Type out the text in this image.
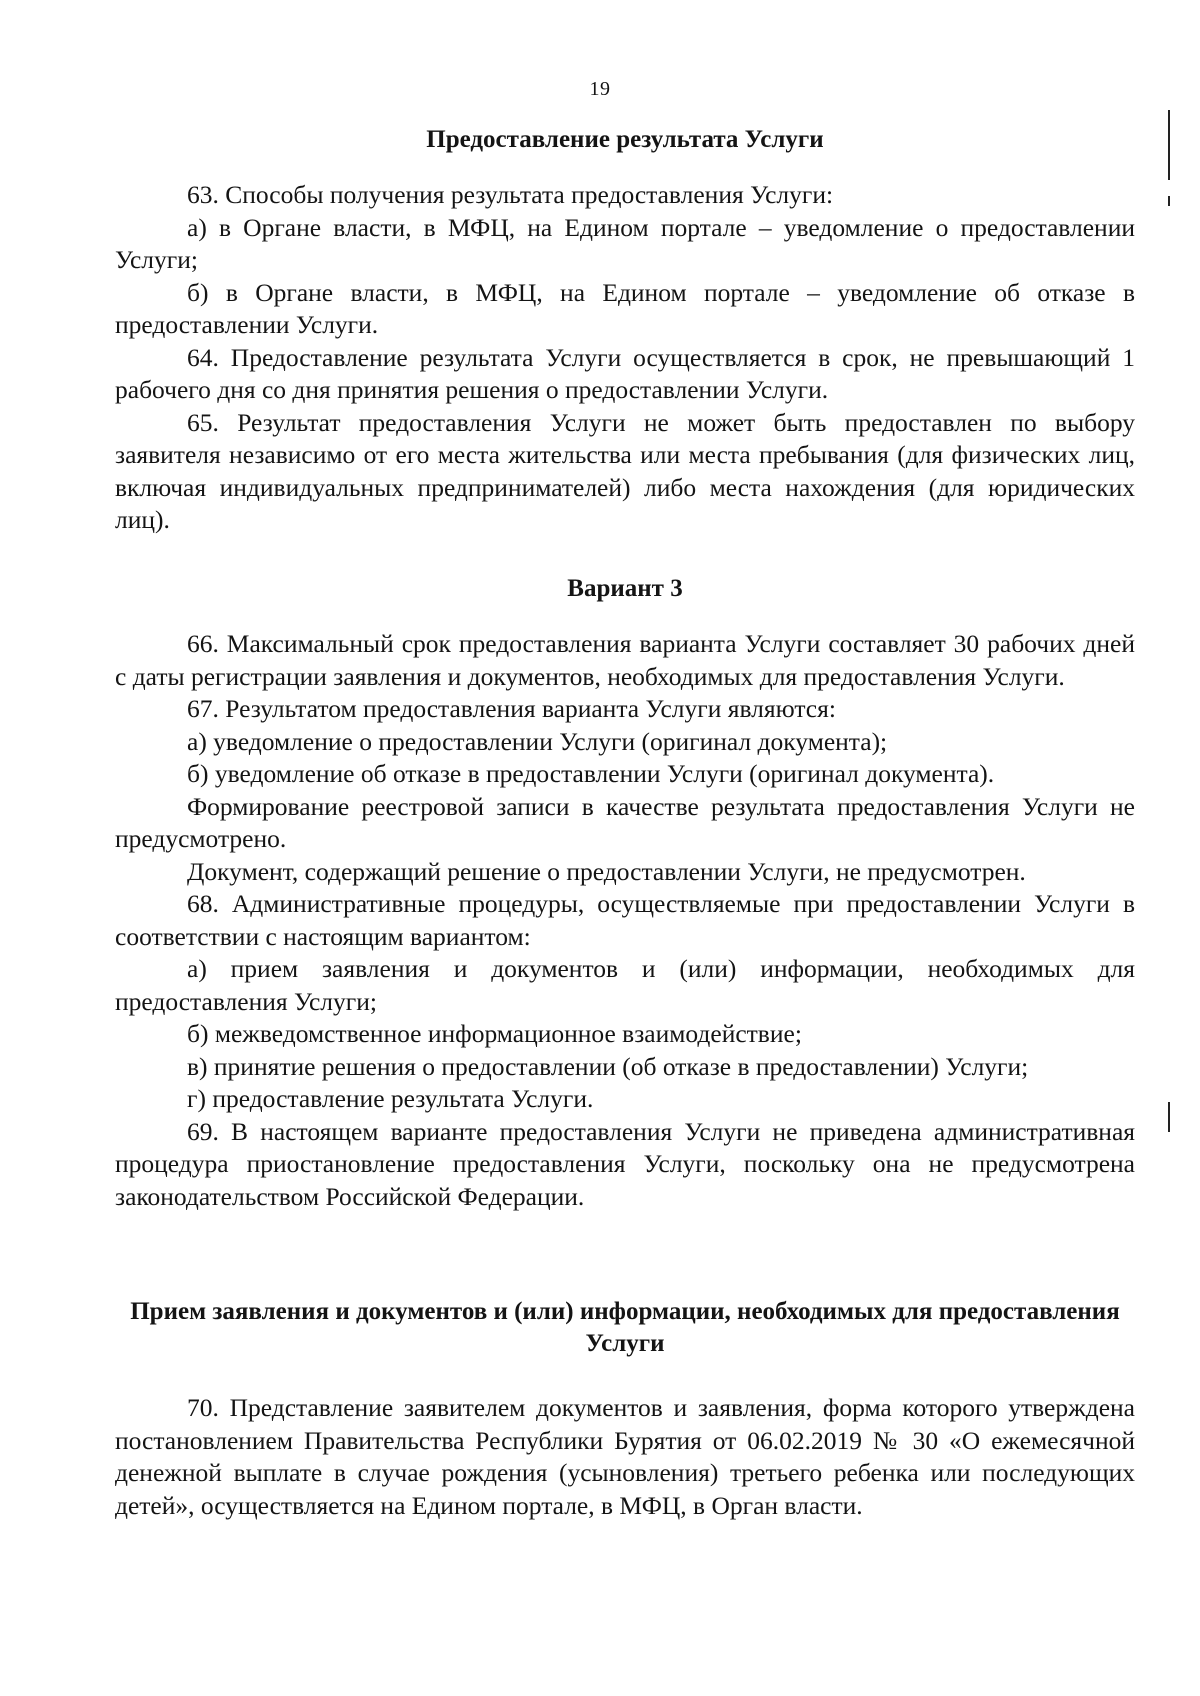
19
Предоставление результата Услуги

63. Способы получения результата предоставления Услуги:

а) в Органе власти, в МФЦ, на Едином портале – уведомление о предоставлении Услуги;

б) в Органе власти, в МФЦ, на Едином портале – уведомление об отказе в предоставлении Услуги.

64. Предоставление результата Услуги осуществляется в срок, не превышающий 1 рабочего дня со дня принятия решения о предоставлении Услуги.

65. Результат предоставления Услуги не может быть предоставлен по выбору заявителя независимо от его места жительства или места пребывания (для физических лиц, включая индивидуальных предпринимателей) либо места нахождения (для юридических лиц).

Вариант 3

66. Максимальный срок предоставления варианта Услуги составляет 30 рабочих дней с даты регистрации заявления и документов, необходимых для предоставления Услуги.

67. Результатом предоставления варианта Услуги являются:

а) уведомление о предоставлении Услуги (оригинал документа);

б) уведомление об отказе в предоставлении Услуги (оригинал документа).

Формирование реестровой записи в качестве результата предоставления Услуги не предусмотрено.

Документ, содержащий решение о предоставлении Услуги, не предусмотрен.

68. Административные процедуры, осуществляемые при предоставлении Услуги в соответствии с настоящим вариантом:

а) прием заявления и документов и (или) информации, необходимых для предоставления Услуги;

б) межведомственное информационное взаимодействие;

в) принятие решения о предоставлении (об отказе в предоставлении) Услуги;

г) предоставление результата Услуги.

69. В настоящем варианте предоставления Услуги не приведена административная процедура приостановление предоставления Услуги, поскольку она не предусмотрена законодательством Российской Федерации.

Прием заявления и документов и (или) информации, необходимых для предоставления Услуги

70. Представление заявителем документов и заявления, форма которого утверждена постановлением Правительства Республики Бурятия от 06.02.2019 № 30 «О ежемесячной денежной выплате в случае рождения (усыновления) третьего ребенка или последующих детей», осуществляется на Едином портале, в МФЦ, в Орган власти.
